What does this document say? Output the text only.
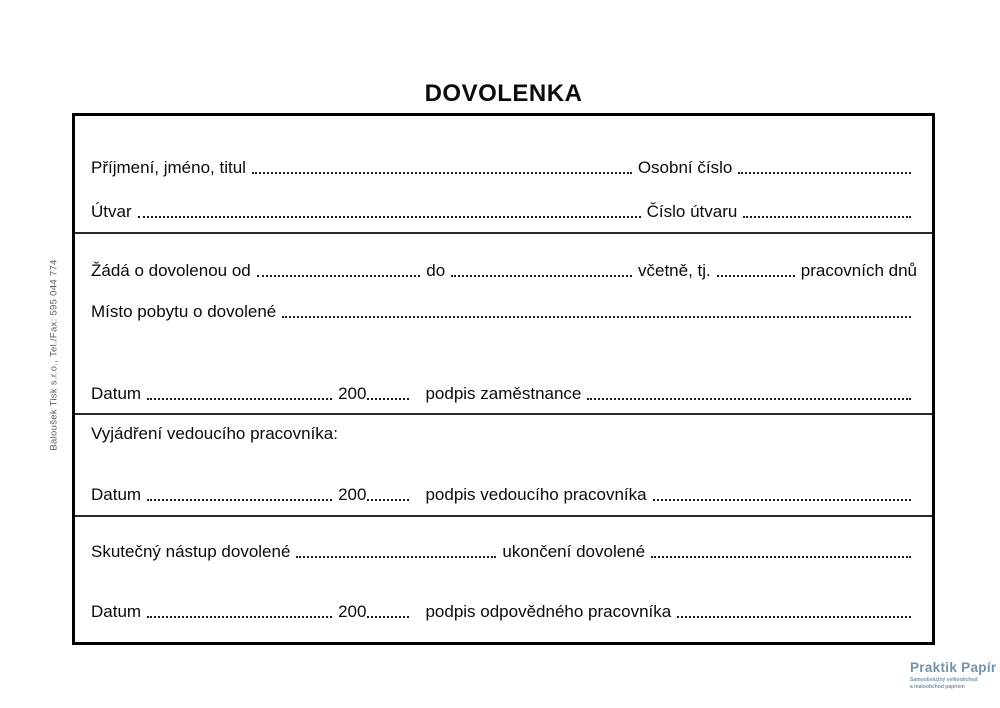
DOVOLENKA
Baloušek Tisk s.r.o., Tel./Fax: 595 044 774
Příjmení, jméno, titul	Osobní číslo
Útvar	Číslo útvaru
Žádá o dovolenou od	do	včetně, tj.	pracovních dnů
Místo pobytu o dovolené
Datum	200	podpis zaměstnance
Vyjádření vedoucího pracovníka:
Datum	200	podpis vedoucího pracovníka
Skutečný nástup dovolené	ukončení dovolené
Datum	200	podpis odpovědného pracovníka
Praktik Papír
Samoobslužný velkoobchod
a maloobchod papírem
